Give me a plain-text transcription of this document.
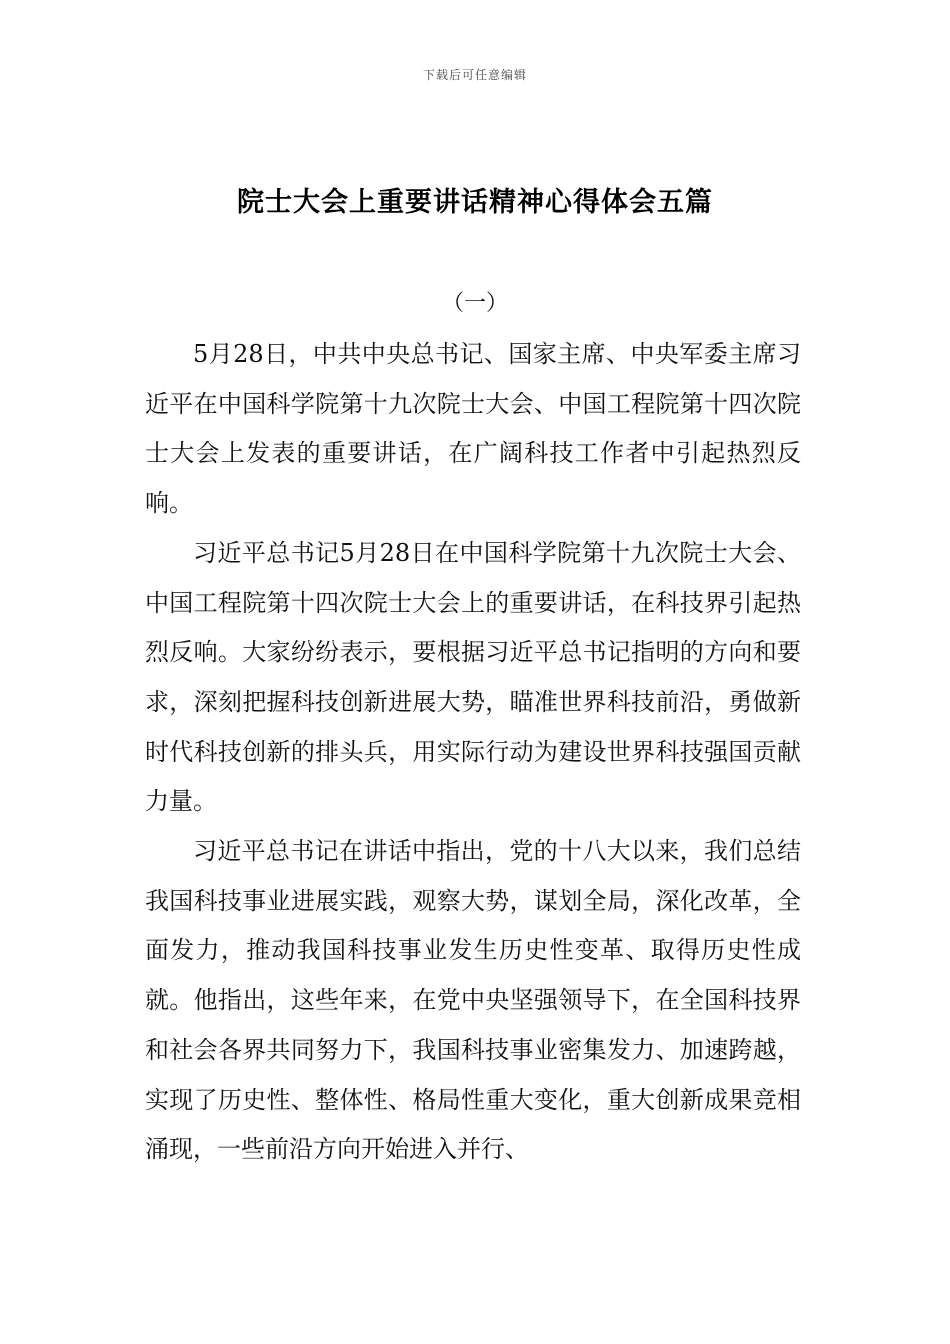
下载后可任意编辑
院士大会上重要讲话精神心得体会五篇
（一）

5月28日，中共中央总书记、国家主席、中央军委主席习近平在中国科学院第十九次院士大会、中国工程院第十四次院士大会上发表的重要讲话，在广阔科技工作者中引起热烈反响。

习近平总书记5月28日在中国科学院第十九次院士大会、中国工程院第十四次院士大会上的重要讲话，在科技界引起热烈反响。大家纷纷表示，要根据习近平总书记指明的方向和要求，深刻把握科技创新进展大势，瞄准世界科技前沿，勇做新时代科技创新的排头兵，用实际行动为建设世界科技强国贡献力量。

习近平总书记在讲话中指出，党的十八大以来，我们总结我国科技事业进展实践，观察大势，谋划全局，深化改革，全面发力，推动我国科技事业发生历史性变革、取得历史性成就。他指出，这些年来，在党中央坚强领导下，在全国科技界和社会各界共同努力下，我国科技事业密集发力、加速跨越，实现了历史性、整体性、格局性重大变化，重大创新成果竞相涌现，一些前沿方向开始进入并行、
